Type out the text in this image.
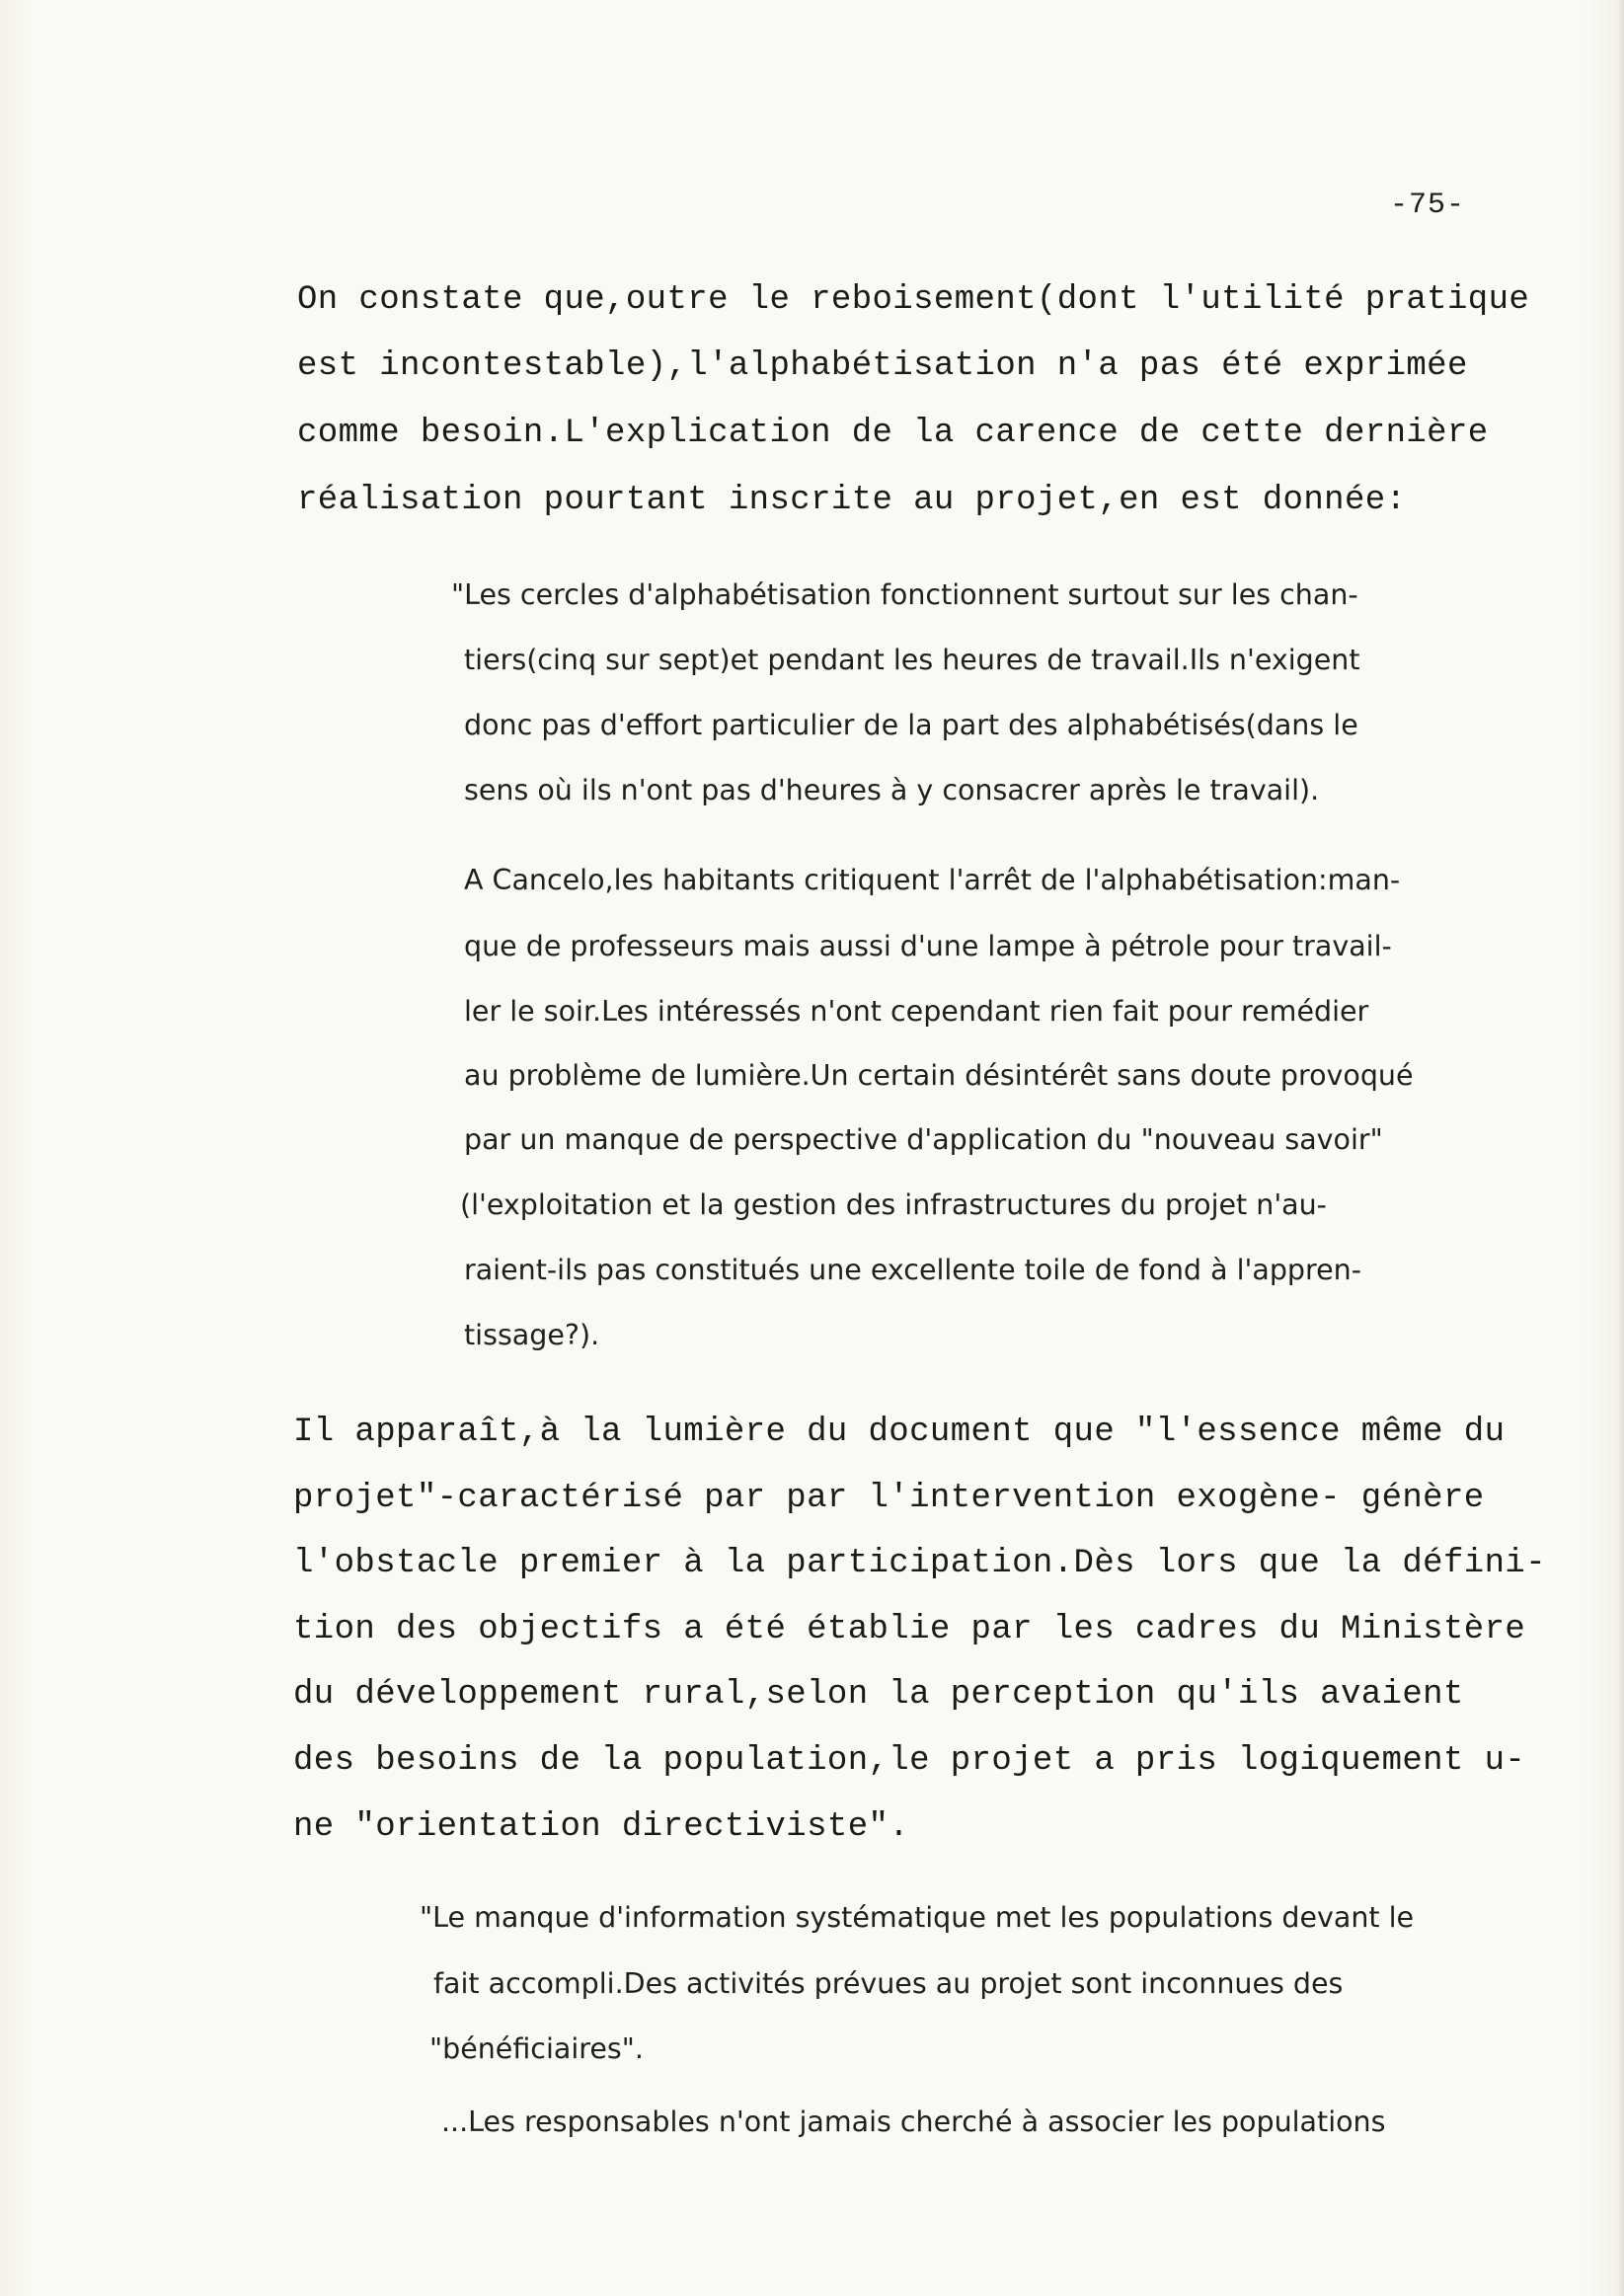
-75-
On constate que,outre le reboisement(dont l'utilité pratique
est incontestable),l'alphabétisation n'a pas été exprimée
comme besoin.L'explication de la carence de cette dernière
réalisation pourtant inscrite au projet,en est donnée:
"Les cercles d'alphabétisation fonctionnent surtout sur les chan-
tiers(cinq sur sept)et pendant les heures de travail.Ils n'exigent
donc pas d'effort particulier de la part des alphabétisés(dans le
sens où ils n'ont pas d'heures à y consacrer après le travail).
A Cancelo,les habitants critiquent l'arrêt de l'alphabétisation:man-
que de professeurs mais aussi d'une lampe à pétrole pour travail-
ler le soir.Les intéressés n'ont cependant rien fait pour remédier
au problème de lumière.Un certain désintérêt sans doute provoqué
par un manque de perspective d'application du "nouveau savoir"
(l'exploitation et la gestion des infrastructures du projet n'au-
raient-ils pas constitués une excellente toile de fond à l'appren-
tissage?).
Il apparaît,à la lumière du document que "l'essence même du
projet"-caractérisé par par l'intervention exogène- génère
l'obstacle premier à la participation.Dès lors que la défini-
tion des objectifs a été établie par les cadres du Ministère
du développement rural,selon la perception qu'ils avaient
des besoins de la population,le projet a pris logiquement u-
ne "orientation directiviste".
"Le manque d'information systématique met les populations devant le
fait accompli.Des activités prévues au projet sont inconnues des
"bénéficiaires".
...Les responsables n'ont jamais cherché à associer les populations
